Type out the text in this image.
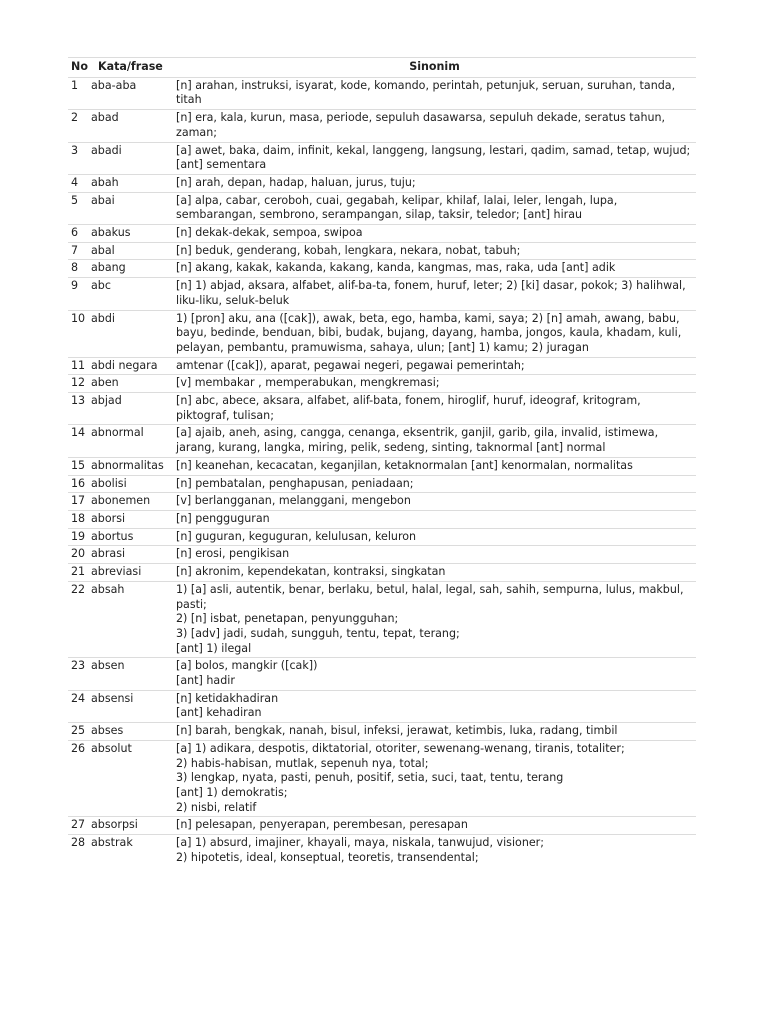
No	Kata/frase	Sinonim
1	aba-aba	[n] arahan, instruksi, isyarat, kode, komando, perintah, petunjuk, seruan, suruhan, tanda, titah
2	abad	[n] era, kala, kurun, masa, periode, sepuluh dasawarsa, sepuluh dekade, seratus tahun, zaman;
3	abadi	[a] awet, baka, daim, infinit, kekal, langgeng, langsung, lestari, qadim, samad, tetap, wujud; [ant] sementara
4	abah	[n] arah, depan, hadap, haluan, jurus, tuju;
5	abai	[a] alpa, cabar, ceroboh, cuai, gegabah, kelipar, khilaf, lalai, leler, lengah, lupa, sembarangan, sembrono, serampangan, silap, taksir, teledor; [ant] hirau
6	abakus	[n] dekak-dekak, sempoa, swipoa
7	abal	[n] beduk, genderang, kobah, lengkara, nekara, nobat, tabuh;
8	abang	[n] akang, kakak, kakanda, kakang, kanda, kangmas, mas, raka, uda [ant] adik
9	abc	[n] 1) abjad, aksara, alfabet, alif-ba-ta, fonem, huruf, leter; 2) [ki] dasar, pokok; 3) halihwal, liku-liku, seluk-beluk
10	abdi	1) [pron] aku, ana ([cak]), awak, beta, ego, hamba, kami, saya; 2) [n] amah, awang, babu, bayu, bedinde, benduan, bibi, budak, bujang, dayang, hamba, jongos, kaula, khadam, kuli, pelayan, pembantu, pramuwisma, sahaya, ulun; [ant] 1) kamu; 2) juragan
11	abdi negara	amtenar ([cak]), aparat, pegawai negeri, pegawai pemerintah;
12	aben	[v] membakar , memperabukan, mengkremasi;
13	abjad	[n] abc, abece, aksara, alfabet, alif-bata, fonem, hiroglif, huruf, ideograf, kritogram, piktograf, tulisan;
14	abnormal	[a] ajaib, aneh, asing, cangga, cenanga, eksentrik, ganjil, garib, gila, invalid, istimewa, jarang, kurang, langka, miring, pelik, sedeng, sinting, taknormal [ant] normal
15	abnormalitas	[n] keanehan, kecacatan, keganjilan, ketaknormalan [ant] kenormalan, normalitas
16	abolisi	[n] pembatalan, penghapusan, peniadaan;
17	abonemen	[v] berlangganan, melanggani, mengebon
18	aborsi	[n] pengguguran
19	abortus	[n] guguran, keguguran, kelulusan, keluron
20	abrasi	[n] erosi, pengikisan
21	abreviasi	[n] akronim, kependekatan, kontraksi, singkatan
22	absah	1) [a] asli, autentik, benar, berlaku, betul, halal, legal, sah, sahih, sempurna, lulus, makbul, pasti;
2) [n] isbat, penetapan, penyungguhan;
3) [adv] jadi, sudah, sungguh, tentu, tepat, terang;
[ant] 1) ilegal
23	absen	[a] bolos, mangkir ([cak])
[ant] hadir
24	absensi	[n] ketidakhadiran
[ant] kehadiran
25	abses	[n] barah, bengkak, nanah, bisul, infeksi, jerawat, ketimbis, luka, radang, timbil
26	absolut	[a] 1) adikara, despotis, diktatorial, otoriter, sewenang-wenang, tiranis, totaliter;
2) habis-habisan, mutlak, sepenuh nya, total;
3) lengkap, nyata, pasti, penuh, positif, setia, suci, taat, tentu, terang
[ant] 1) demokratis;
2) nisbi, relatif
27	absorpsi	[n] pelesapan, penyerapan, perembesan, peresapan
28	abstrak	[a] 1) absurd, imajiner, khayali, maya, niskala, tanwujud, visioner;
2) hipotetis, ideal, konseptual, teoretis, transendental;
